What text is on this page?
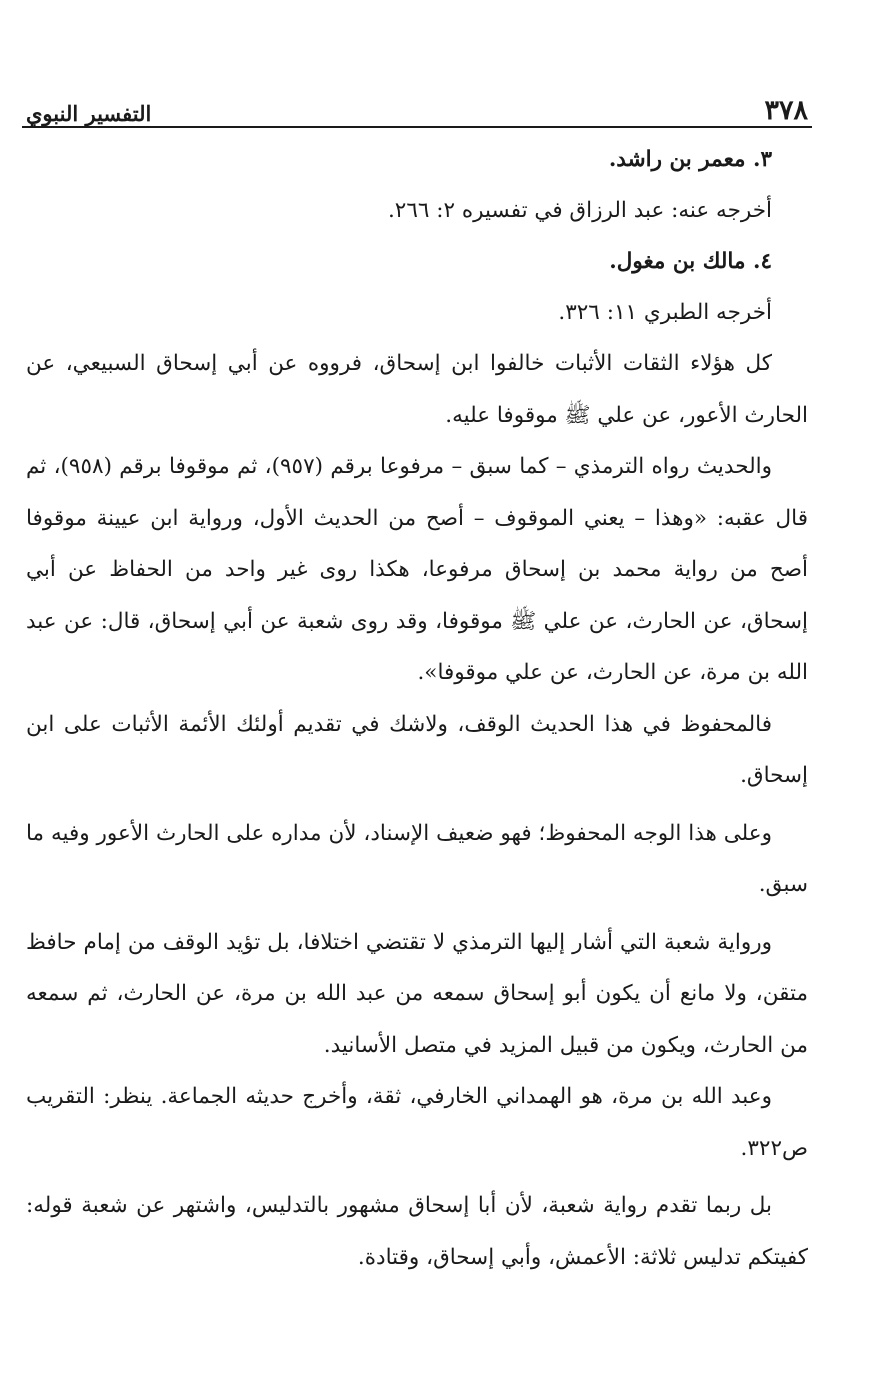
٣٧٨
التفسير النبوي
٣. معمر بن راشد.
أخرجه عنه: عبد الرزاق في تفسيره ٢: ٢٦٦.
٤. مالك بن مغول.
أخرجه الطبري ١١: ٣٢٦.

كل هؤلاء الثقات الأثبات خالفوا ابن إسحاق، فرووه عن أبي إسحاق السبيعي، عن الحارث الأعور، عن علي ﷺ موقوفا عليه.

والحديث رواه الترمذي – كما سبق – مرفوعا برقم (٩٥٧)، ثم موقوفا برقم (٩٥٨)، ثم قال عقبه: «وهذا – يعني الموقوف – أصح من الحديث الأول، ورواية ابن عيينة موقوفا أصح من رواية محمد بن إسحاق مرفوعا، هكذا روى غير واحد من الحفاظ عن أبي إسحاق، عن الحارث، عن علي ﷺ موقوفا، وقد روى شعبة عن أبي إسحاق، قال: عن عبد الله بن مرة، عن الحارث، عن علي موقوفا».

فالمحفوظ في هذا الحديث الوقف، ولاشك في تقديم أولئك الأئمة الأثبات على ابن إسحاق.

وعلى هذا الوجه المحفوظ؛ فهو ضعيف الإسناد، لأن مداره على الحارث الأعور وفيه ما سبق.

ورواية شعبة التي أشار إليها الترمذي لا تقتضي اختلافا، بل تؤيد الوقف من إمام حافظ متقن، ولا مانع أن يكون أبو إسحاق سمعه من عبد الله بن مرة، عن الحارث، ثم سمعه من الحارث، ويكون من قبيل المزيد في متصل الأسانيد.

وعبد الله بن مرة، هو الهمداني الخارفي، ثقة، وأخرج حديثه الجماعة. ينظر: التقريب ص٣٢٢.

بل ربما تقدم رواية شعبة، لأن أبا إسحاق مشهور بالتدليس، واشتهر عن شعبة قوله: كفيتكم تدليس ثلاثة: الأعمش، وأبي إسحاق، وقتادة.
